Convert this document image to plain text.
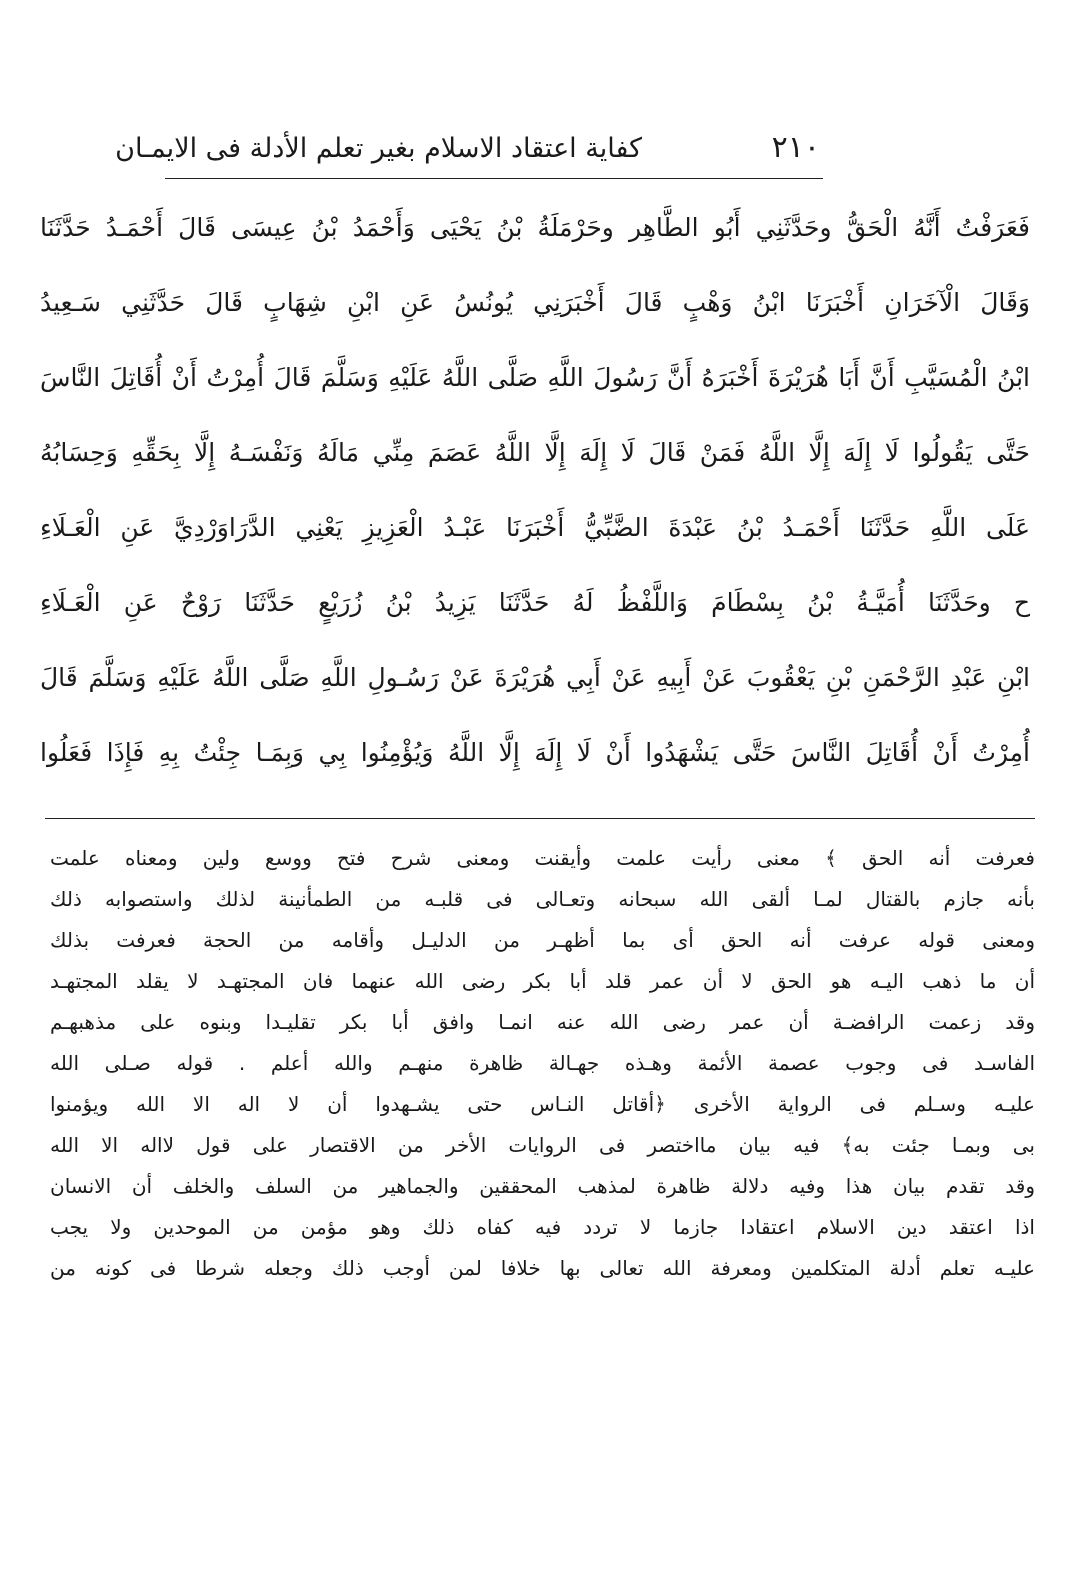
٢١٠
كفاية اعتقاد الاسلام بغير تعلم الأدلة فى الايمـان
فَعَرَفْتُ أَنَّهُ الْحَقُّ وحَدَّثَنِي أَبُو الطَّاهِر وحَرْمَلَةُ بْنُ يَحْيَى وَأَحْمَدُ بْنُ عِيسَى قَالَ أَحْمَـدُ حَدَّثَنَا
وَقَالَ الْآخَرَانِ أَخْبَرَنَا ابْنُ وَهْبٍ قَالَ أَخْبَرَنِي يُونُسُ عَنِ ابْنِ شِهَابٍ قَالَ حَدَّثَنِي سَـعِيدُ
ابْنُ الْمُسَيَّبِ أَنَّ أَبَا هُرَيْرَةَ أَخْبَرَهُ أَنَّ رَسُولَ اللَّهِ صَلَّى اللَّهُ عَلَيْهِ وَسَلَّمَ قَالَ أُمِرْتُ أَنْ أُقَاتِلَ النَّاسَ
حَتَّى يَقُولُوا لَا إِلَهَ إِلَّا اللَّهُ فَمَنْ قَالَ لَا إِلَهَ إِلَّا اللَّهُ عَصَمَ مِنِّي مَالَهُ وَنَفْسَـهُ إِلَّا بِحَقِّهِ وَحِسَابُهُ
عَلَى اللَّهِ حَدَّثَنَا أَحْمَـدُ بْنُ عَبْدَةَ الضَّبِّيُّ أَخْبَرَنَا عَبْـدُ الْعَزِيزِ يَعْنِي الدَّرَاوَرْدِيَّ عَنِ الْعَـلَاءِ
ح وحَدَّثَنَا أُمَيَّـةُ بْنُ بِسْطَامَ وَاللَّفْظُ لَهُ حَدَّثَنَا يَزِيدُ بْنُ زُرَيْعٍ حَدَّثَنَا رَوْحٌ عَنِ الْعَـلَاءِ
ابْنِ عَبْدِ الرَّحْمَنِ بْنِ يَعْقُوبَ عَنْ أَبِيهِ عَنْ أَبِي هُرَيْرَةَ عَنْ رَسُـولِ اللَّهِ صَلَّى اللَّهُ عَلَيْهِ وَسَلَّمَ قَالَ
أُمِرْتُ أَنْ أُقَاتِلَ النَّاسَ حَتَّى يَشْهَدُوا أَنْ لَا إِلَهَ إِلَّا اللَّهُ وَيُؤْمِنُوا بِي وَبِمَـا جِئْتُ بِهِ فَإِذَا فَعَلُوا
فعرفت أنه الحق ﴾ معنى رأيت علمت وأيقنت ومعنى شرح فتح ووسع ولين ومعناه علمت
بأنه جازم بالقتال لمـا ألقى الله سبحانه وتعـالى فى قلبـه من الطمأنينة لذلك واستصوابه ذلك
ومعنى قوله عرفت أنه الحق أى بما أظهـر من الدليـل وأقامه من الحجة فعرفت بذلك
أن ما ذهب اليـه هو الحق لا أن عمر قلد أبا بكر رضى الله عنهما فان المجتهـد لا يقلد المجتهـد
وقد زعمت الرافضـة أن عمر رضى الله عنه انمـا وافق أبا بكر تقليـدا وبنوه على مذهبهـم
الفاسـد فى وجوب عصمة الأئمة وهـذه جهـالة ظاهرة منهـم والله أعلم . قوله صـلى الله
عليـه وسـلم فى الرواية الأخرى ﴿أقاتل النـاس حتى يشـهدوا أن لا اله الا الله ويؤمنوا
بى وبمـا جئت به﴾ فيه بيان مااختصر فى الروايات الأخر من الاقتصار على قول لااله الا الله
وقد تقدم بيان هذا وفيه دلالة ظاهرة لمذهب المحققين والجماهير من السلف والخلف أن الانسان
اذا اعتقد دين الاسلام اعتقادا جازما لا تردد فيه كفاه ذلك وهو مؤمن من الموحدين ولا يجب
عليـه تعلم أدلة المتكلمين ومعرفة الله تعالى بها خلافا لمن أوجب ذلك وجعله شرطا فى كونه من
